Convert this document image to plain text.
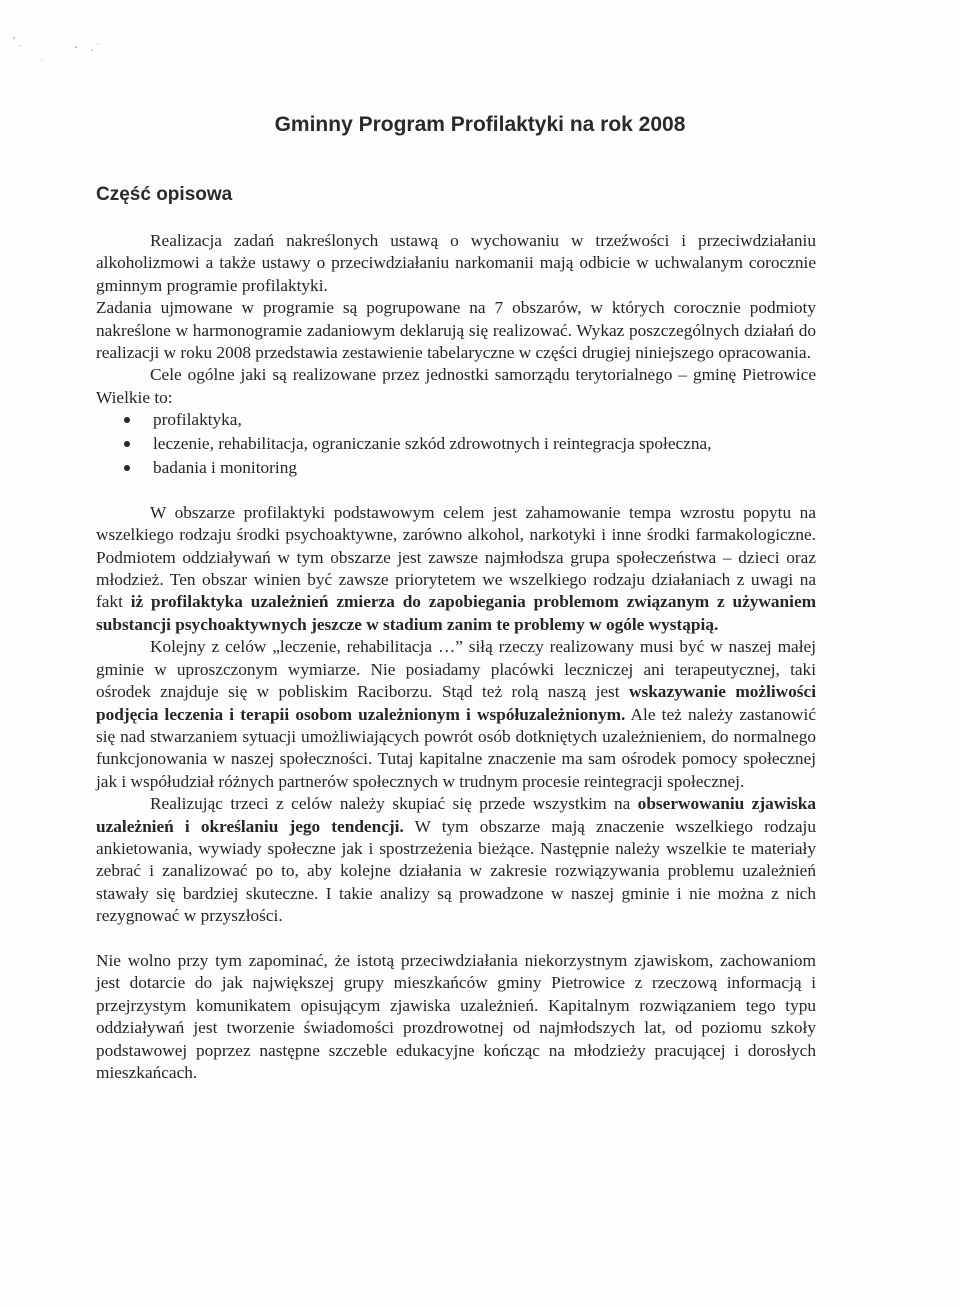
Gminny Program Profilaktyki na rok 2008
Część opisowa

Realizacja zadań nakreślonych ustawą o wychowaniu w trzeźwości i przeciwdziałaniu alkoholizmowi a także ustawy o przeciwdziałaniu narkomanii mają odbicie w uchwalanym corocznie gminnym programie profilaktyki.

Zadania ujmowane w programie są pogrupowane na 7 obszarów, w których corocznie podmioty nakreślone w harmonogramie zadaniowym deklarują się realizować. Wykaz poszczególnych działań do realizacji w roku 2008 przedstawia zestawienie tabelaryczne w części drugiej niniejszego opracowania.

Cele ogólne jaki są realizowane przez jednostki samorządu terytorialnego – gminę Pietrowice Wielkie to:

profilaktyka,
leczenie, rehabilitacja, ograniczanie szkód zdrowotnych i reintegracja społeczna,
badania i monitoring

W obszarze profilaktyki podstawowym celem jest zahamowanie tempa wzrostu popytu na wszelkiego rodzaju środki psychoaktywne, zarówno alkohol, narkotyki i inne środki farmakologiczne. Podmiotem oddziaływań w tym obszarze jest zawsze najmłodsza grupa społeczeństwa – dzieci oraz młodzież. Ten obszar winien być zawsze priorytetem we wszelkiego rodzaju działaniach z uwagi na fakt iż profilaktyka uzależnień zmierza do zapobiegania problemom związanym z używaniem substancji psychoaktywnych jeszcze w stadium zanim te problemy w ogóle wystąpią.

Kolejny z celów „leczenie, rehabilitacja …” siłą rzeczy realizowany musi być w naszej małej gminie w uproszczonym wymiarze. Nie posiadamy placówki leczniczej ani terapeutycznej, taki ośrodek znajduje się w pobliskim Raciborzu. Stąd też rolą naszą jest wskazywanie możliwości podjęcia leczenia i terapii osobom uzależnionym i współuzależnionym. Ale też należy zastanowić się nad stwarzaniem sytuacji umożliwiających powrót osób dotkniętych uzależnieniem, do normalnego funkcjonowania w naszej społeczności. Tutaj kapitalne znaczenie ma sam ośrodek pomocy społecznej jak i współudział różnych partnerów społecznych w trudnym procesie reintegracji społecznej.

Realizując trzeci z celów należy skupiać się przede wszystkim na obserwowaniu zjawiska uzależnień i określaniu jego tendencji. W tym obszarze mają znaczenie wszelkiego rodzaju ankietowania, wywiady społeczne jak i spostrzeżenia bieżące. Następnie należy wszelkie te materiały zebrać i zanalizować po to, aby kolejne działania w zakresie rozwiązywania problemu uzależnień stawały się bardziej skuteczne. I takie analizy są prowadzone w naszej gminie i nie można z nich rezygnować w przyszłości.

Nie wolno przy tym zapominać, że istotą przeciwdziałania niekorzystnym zjawiskom, zachowaniom jest dotarcie do jak największej grupy mieszkańców gminy Pietrowice z rzeczową informacją i przejrzystym komunikatem opisującym zjawiska uzależnień. Kapitalnym rozwiązaniem tego typu oddziaływań jest tworzenie świadomości prozdrowotnej od najmłodszych lat, od poziomu szkoły podstawowej poprzez następne szczeble edukacyjne kończąc na młodzieży pracującej i dorosłych mieszkańcach.
